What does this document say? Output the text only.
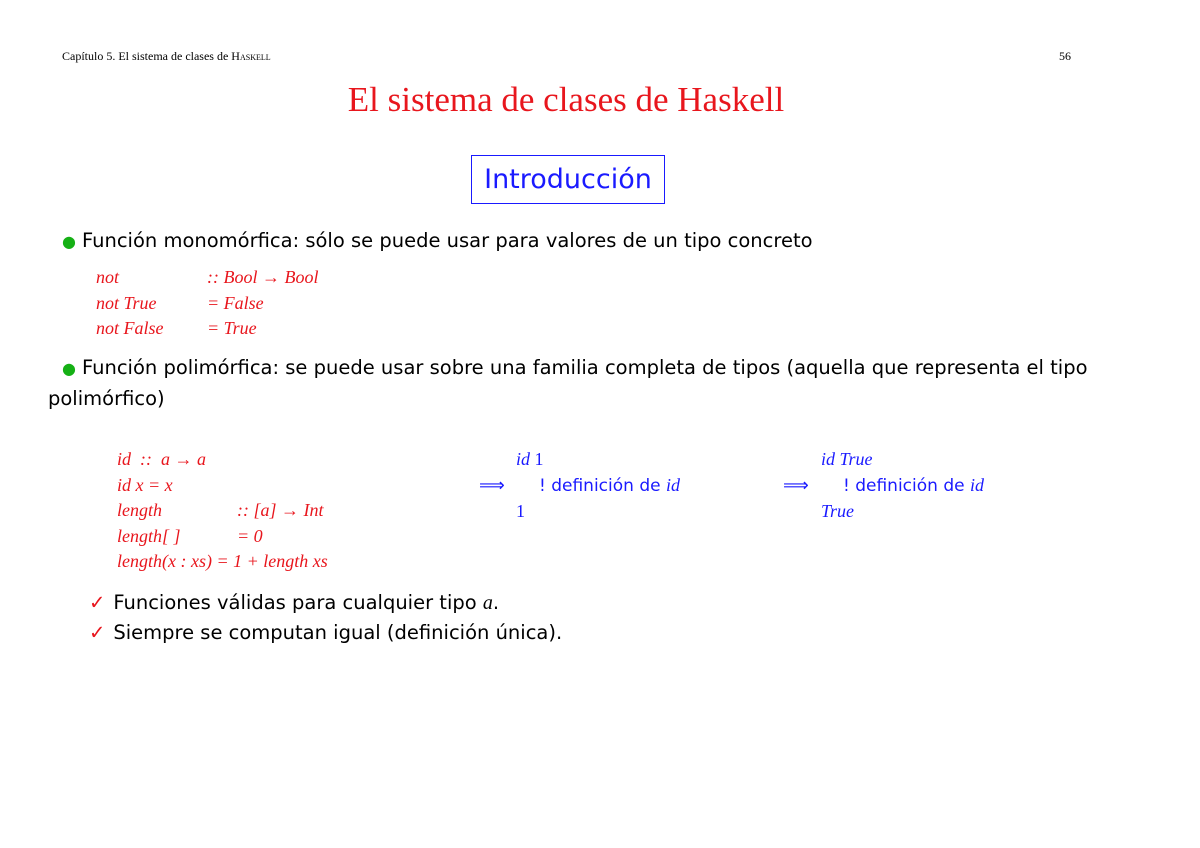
Capítulo 5. El sistema de clases de Haskell	56
El sistema de clases de Haskell
Introducción
● Función monomórfica: sólo se puede usar para valores de un tipo concreto
not	:: Bool → Bool
not True	= False
not False = True
● Función polimórfica: se puede usar sobre una familia completa de tipos (aquella que representa el tipo
polimórfico)
id  ::  a → a
id x = x
length	:: [a] → Int
length[ ]	= 0
length(x : xs) = 1 + length xs
id 1
⟹ ! definición de id
1
id True
⟹ ! definición de id
True
✓ Funciones válidas para cualquier tipo a.
✓ Siempre se computan igual (definición única).
